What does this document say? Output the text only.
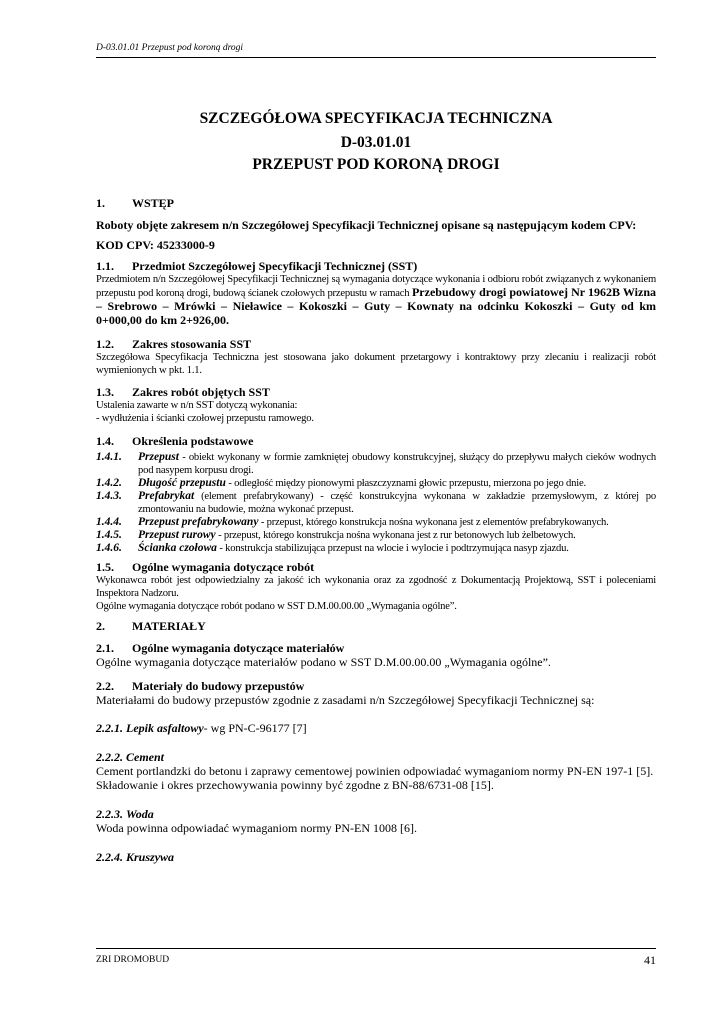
D-03.01.01 Przepust pod koroną drogi
SZCZEGÓŁOWA SPECYFIKACJA TECHNICZNA
D-03.01.01
PRZEPUST POD KORONĄ DROGI
1.	WSTĘP

Roboty objęte zakresem n/n Szczegółowej Specyfikacji Technicznej opisane są następującym kodem CPV:

KOD CPV: 45233000-9

1.1.	Przedmiot Szczegółowej Specyfikacji Technicznej (SST)

Przedmiotem n/n Szczegółowej Specyfikacji Technicznej są wymagania dotyczące wykonania i odbioru robót związanych z wykonaniem przepustu pod koroną drogi, budową ścianek czołowych przepustu w ramach Przebudowy drogi powiatowej Nr 1962B Wizna – Srebrowo – Mrówki – Nieławice – Kokoszki – Guty – Kownaty na odcinku Kokoszki – Guty od km 0+000,00 do km 2+926,00.

1.2.	Zakres stosowania SST

Szczegółowa Specyfikacja Techniczna jest stosowana jako dokument przetargowy i kontraktowy przy zlecaniu i realizacji robót wymienionych w pkt. 1.1.

1.3.	Zakres robót objętych SST

Ustalenia zawarte w n/n SST dotyczą wykonania:

- wydłużenia i ścianki czołowej przepustu ramowego.

1.4.	Określenia podstawowe
1.4.1.	Przepust - obiekt wykonany w formie zamkniętej obudowy konstrukcyjnej, służący do przepływu małych cieków wodnych pod nasypem korpusu drogi.
1.4.2.	Długość przepustu - odległość między pionowymi płaszczyznami głowic przepustu, mierzona po jego dnie.
1.4.3.	Prefabrykat (element prefabrykowany) - część konstrukcyjna wykonana w zakładzie przemysłowym, z której po zmontowaniu na budowie, można wykonać przepust.
1.4.4.	Przepust prefabrykowany - przepust, którego konstrukcja nośna wykonana jest z elementów prefabrykowanych.
1.4.5.	Przepust rurowy - przepust, którego konstrukcja nośna wykonana jest z rur betonowych lub żelbetowych.
1.4.6.	Ścianka czołowa - konstrukcja stabilizująca przepust na wlocie i wylocie i podtrzymująca nasyp zjazdu.
1.5.	Ogólne wymagania dotyczące robót

Wykonawca robót jest odpowiedzialny za jakość ich wykonania oraz za zgodność z Dokumentacją Projektową, SST i poleceniami Inspektora Nadzoru.

Ogólne wymagania dotyczące robót podano w SST D.M.00.00.00 „Wymagania ogólne”.

2.	MATERIAŁY
2.1.	Ogólne wymagania dotyczące materiałów

Ogólne wymagania dotyczące materiałów podano w SST D.M.00.00.00 „Wymagania ogólne”.

2.2.	Materiały do budowy przepustów

Materiałami do budowy przepustów zgodnie z zasadami n/n Szczegółowej Specyfikacji Technicznej są:

2.2.1. Lepik asfaltowy - wg PN-C-96177 [7]
2.2.2. Cement

Cement portlandzki do betonu i zaprawy cementowej powinien odpowiadać wymaganiom normy PN-EN 197-1 [5].

Składowanie i okres przechowywania powinny być zgodne z BN-88/6731-08 [15].

2.2.3. Woda

Woda powinna odpowiadać wymaganiom normy PN-EN 1008 [6].

2.2.4. Kruszywa
ZRI DROMOBUD	41
